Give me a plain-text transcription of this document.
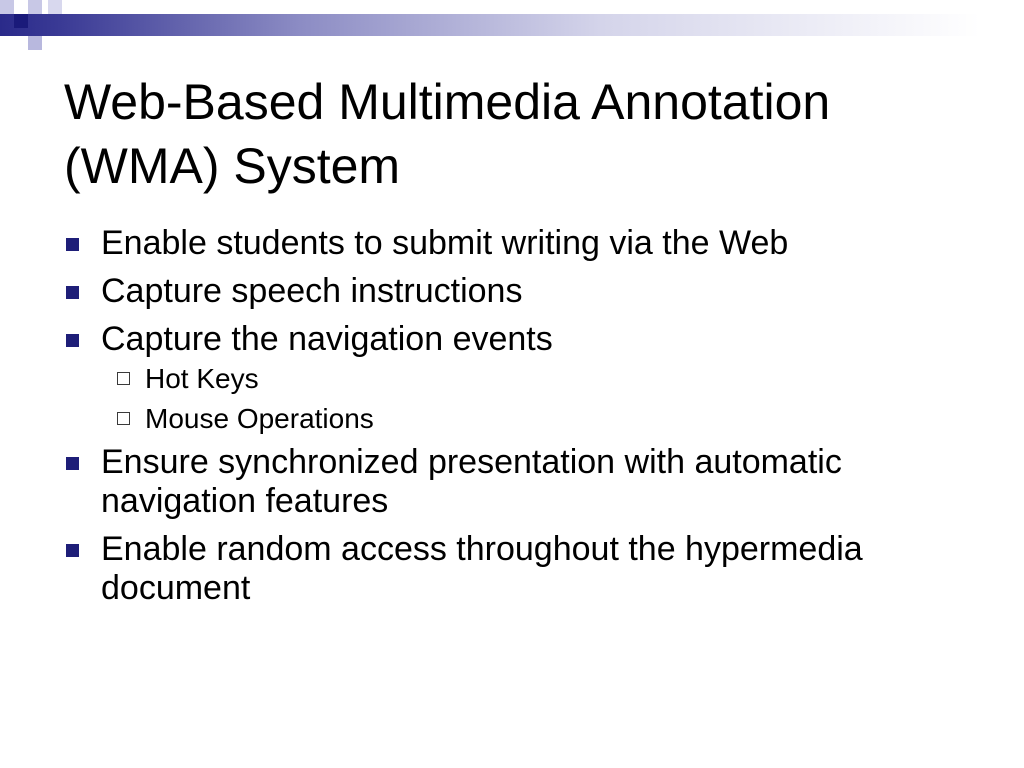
Web-Based Multimedia Annotation (WMA) System
Enable students to submit writing via the Web
Capture speech instructions
Capture the navigation events
Hot Keys
Mouse Operations
Ensure synchronized presentation with automatic navigation features
Enable random access throughout the hypermedia document
